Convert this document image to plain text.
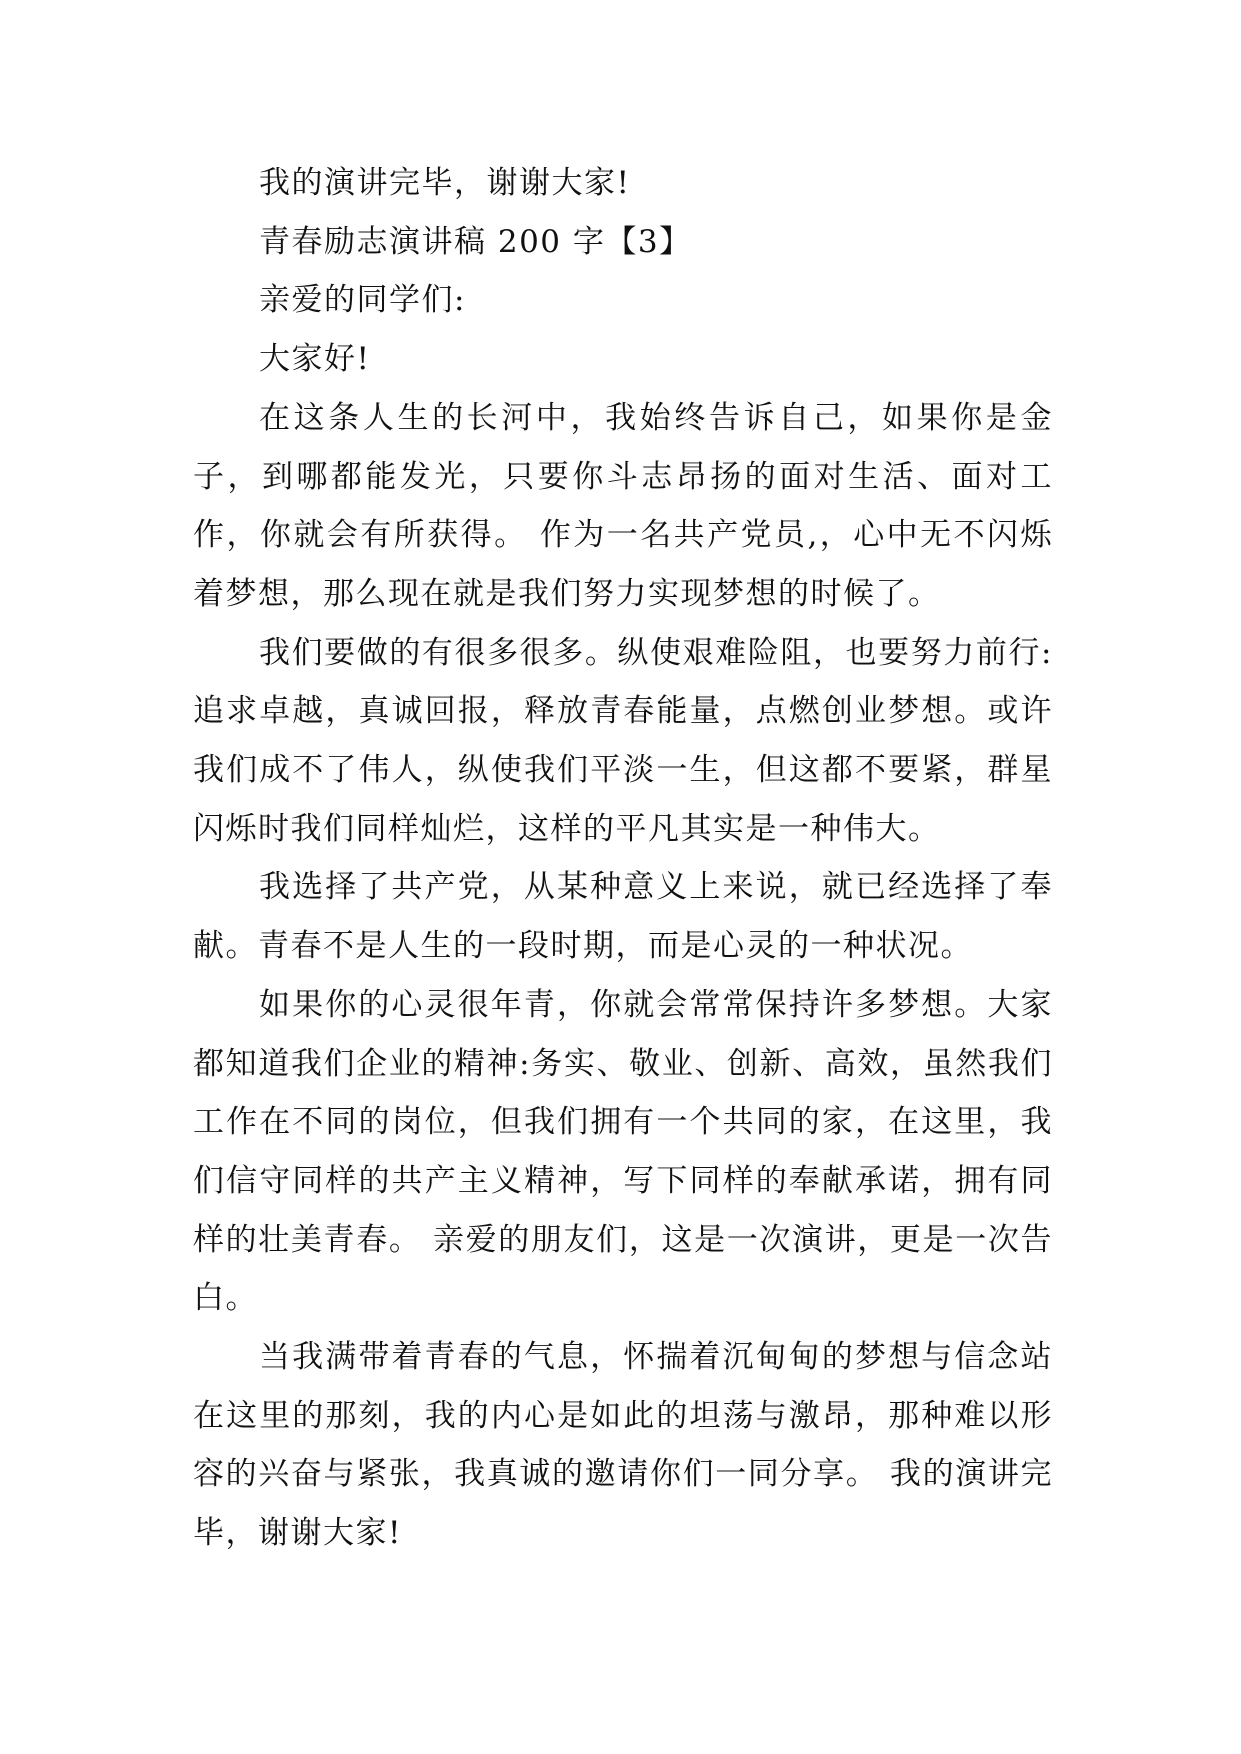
我的演讲完毕，谢谢大家!

青春励志演讲稿 200 字【3】

亲爱的同学们:

大家好!

在这条人生的长河中，我始终告诉自己，如果你是金子，到哪都能发光，只要你斗志昂扬的面对生活、面对工作，你就会有所获得。 作为一名共产党员,，心中无不闪烁着梦想，那么现在就是我们努力实现梦想的时候了。

我们要做的有很多很多。纵使艰难险阻，也要努力前行:追求卓越，真诚回报，释放青春能量，点燃创业梦想。或许我们成不了伟人，纵使我们平淡一生，但这都不要紧，群星闪烁时我们同样灿烂，这样的平凡其实是一种伟大。

我选择了共产党，从某种意义上来说，就已经选择了奉献。青春不是人生的一段时期，而是心灵的一种状况。

如果你的心灵很年青，你就会常常保持许多梦想。大家都知道我们企业的精神:务实、敬业、创新、高效，虽然我们工作在不同的岗位，但我们拥有一个共同的家，在这里，我们信守同样的共产主义精神，写下同样的奉献承诺，拥有同样的壮美青春。 亲爱的朋友们，这是一次演讲，更是一次告白。

当我满带着青春的气息，怀揣着沉甸甸的梦想与信念站在这里的那刻，我的内心是如此的坦荡与激昂，那种难以形容的兴奋与紧张，我真诚的邀请你们一同分享。 我的演讲完毕，谢谢大家!
